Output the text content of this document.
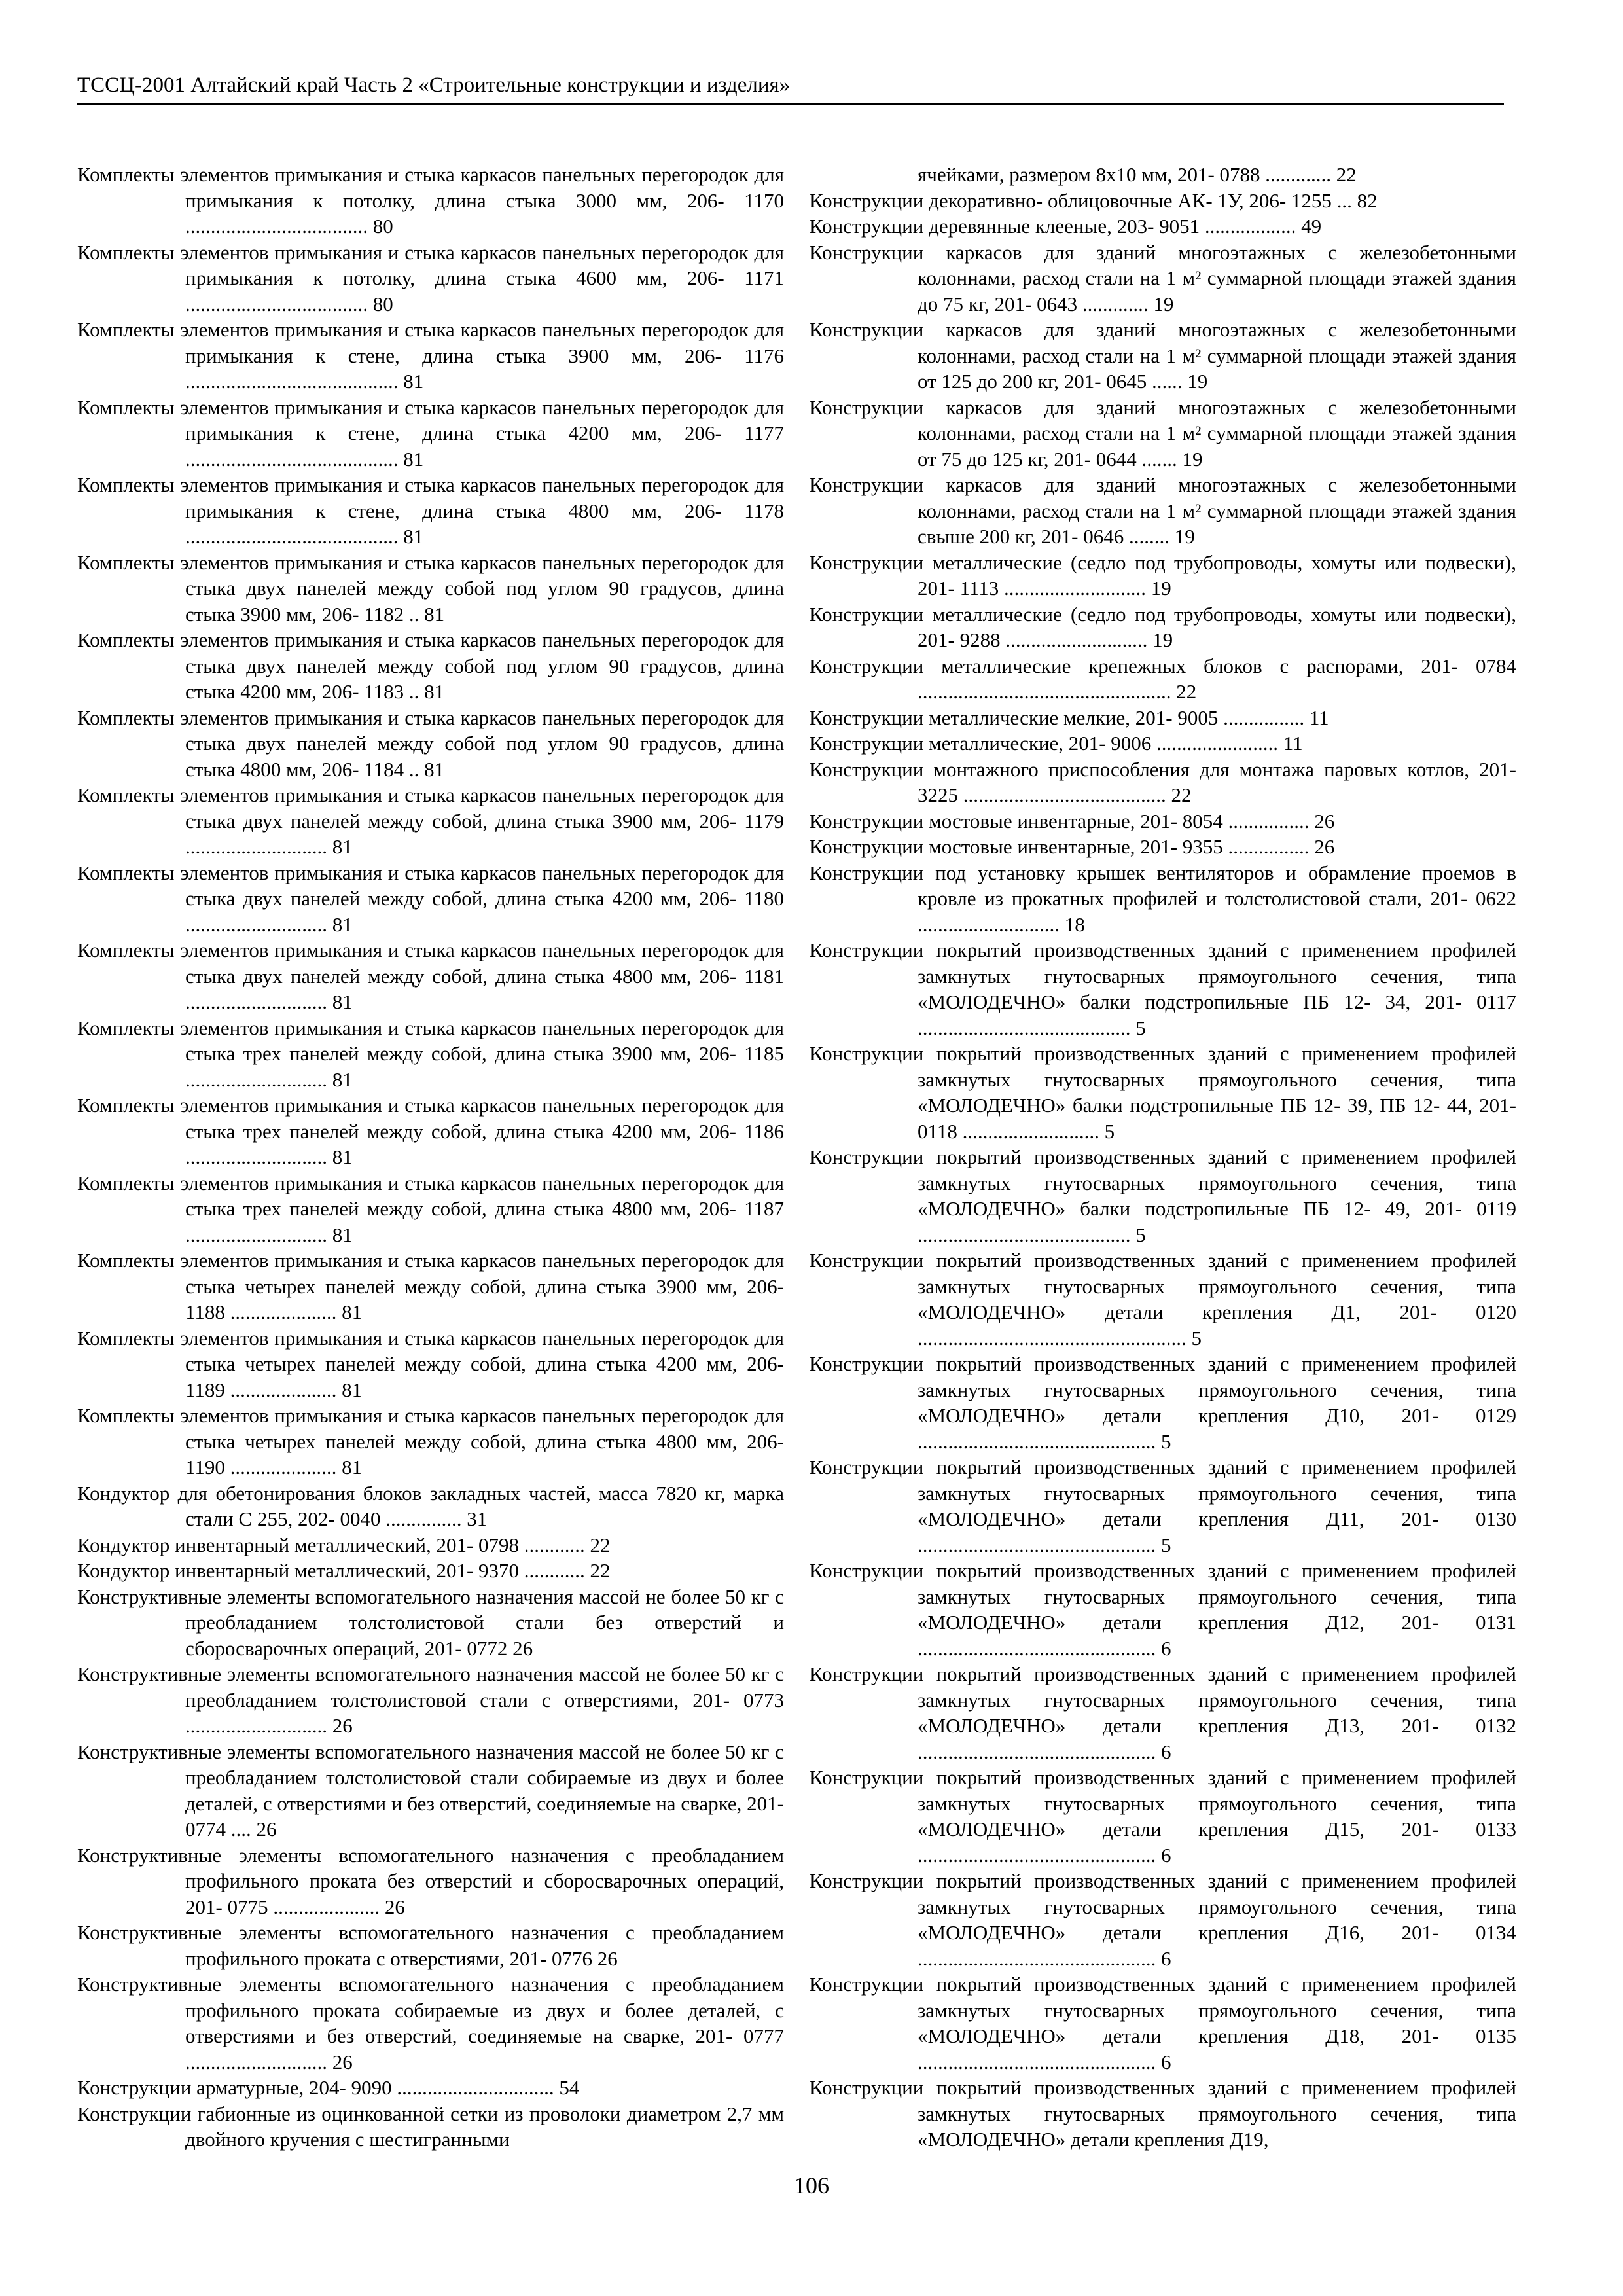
ТССЦ-2001 Алтайский край Часть 2 «Строительные конструкции и изделия»

Комплекты элементов примыкания и стыка каркасов панельных перегородок для примыкания к потолку, длина стыка 3000 мм, 206- 1170 .................................... 80

Комплекты элементов примыкания и стыка каркасов панельных перегородок для примыкания к потолку, длина стыка 4600 мм, 206- 1171 .................................... 80

Комплекты элементов примыкания и стыка каркасов панельных перегородок для примыкания к стене, длина стыка 3900 мм, 206- 1176 .......................................... 81

Комплекты элементов примыкания и стыка каркасов панельных перегородок для примыкания к стене, длина стыка 4200 мм, 206- 1177 .......................................... 81

Комплекты элементов примыкания и стыка каркасов панельных перегородок для примыкания к стене, длина стыка 4800 мм, 206- 1178 .......................................... 81

Комплекты элементов примыкания и стыка каркасов панельных перегородок для стыка двух панелей между собой под углом 90 градусов, длина стыка 3900 мм, 206- 1182 .. 81

Комплекты элементов примыкания и стыка каркасов панельных перегородок для стыка двух панелей между собой под углом 90 градусов, длина стыка 4200 мм, 206- 1183 .. 81

Комплекты элементов примыкания и стыка каркасов панельных перегородок для стыка двух панелей между собой под углом 90 градусов, длина стыка 4800 мм, 206- 1184 .. 81

Комплекты элементов примыкания и стыка каркасов панельных перегородок для стыка двух панелей между собой, длина стыка 3900 мм, 206- 1179 ............................ 81

Комплекты элементов примыкания и стыка каркасов панельных перегородок для стыка двух панелей между собой, длина стыка 4200 мм, 206- 1180 ............................ 81

Комплекты элементов примыкания и стыка каркасов панельных перегородок для стыка двух панелей между собой, длина стыка 4800 мм, 206- 1181 ............................ 81

Комплекты элементов примыкания и стыка каркасов панельных перегородок для стыка трех панелей между собой, длина стыка 3900 мм, 206- 1185 ............................ 81

Комплекты элементов примыкания и стыка каркасов панельных перегородок для стыка трех панелей между собой, длина стыка 4200 мм, 206- 1186 ............................ 81

Комплекты элементов примыкания и стыка каркасов панельных перегородок для стыка трех панелей между собой, длина стыка 4800 мм, 206- 1187 ............................ 81

Комплекты элементов примыкания и стыка каркасов панельных перегородок для стыка четырех панелей между собой, длина стыка 3900 мм, 206- 1188 ..................... 81

Комплекты элементов примыкания и стыка каркасов панельных перегородок для стыка четырех панелей между собой, длина стыка 4200 мм, 206- 1189 ..................... 81

Комплекты элементов примыкания и стыка каркасов панельных перегородок для стыка четырех панелей между собой, длина стыка 4800 мм, 206- 1190 ..................... 81

Кондуктор для обетонирования блоков закладных частей, масса 7820 кг, марка стали С 255, 202- 0040 ............... 31

Кондуктор инвентарный металлический, 201- 0798 ............ 22

Кондуктор инвентарный металлический, 201- 9370 ............ 22

Конструктивные элементы вспомогательного назначения массой не более 50 кг с преобладанием толстолистовой стали без отверстий и сборосварочных операций, 201- 0772 26

Конструктивные элементы вспомогательного назначения массой не более 50 кг с преобладанием толстолистовой стали с отверстиями, 201- 0773 ............................ 26

Конструктивные элементы вспомогательного назначения массой не более 50 кг с преобладанием толстолистовой стали собираемые из двух и более деталей, с отверстиями и без отверстий, соединяемые на сварке, 201- 0774 .... 26

Конструктивные элементы вспомогательного назначения с преобладанием профильного проката без отверстий и сборосварочных операций, 201- 0775 ..................... 26

Конструктивные элементы вспомогательного назначения с преобладанием профильного проката с отверстиями, 201- 0776 26

Конструктивные элементы вспомогательного назначения с преобладанием профильного проката собираемые из двух и более деталей, с отверстиями и без отверстий, соединяемые на сварке, 201- 0777 ............................ 26

Конструкции арматурные, 204- 9090 ............................... 54

Конструкции габионные из оцинкованной сетки из проволоки диаметром 2,7 мм двойного кручения с шестигранными

ячейками, размером 8х10 мм, 201- 0788 ............. 22

Конструкции декоративно- облицовочные АК- 1У, 206- 1255 ... 82

Конструкции деревянные клееные, 203- 9051 .................. 49

Конструкции каркасов для зданий многоэтажных с железобетонными колоннами, расход стали на 1 м² суммарной площади этажей здания до 75 кг, 201- 0643 ............. 19

Конструкции каркасов для зданий многоэтажных с железобетонными колоннами, расход стали на 1 м² суммарной площади этажей здания от 125 до 200 кг, 201- 0645 ...... 19

Конструкции каркасов для зданий многоэтажных с железобетонными колоннами, расход стали на 1 м² суммарной площади этажей здания от 75 до 125 кг, 201- 0644 ....... 19

Конструкции каркасов для зданий многоэтажных с железобетонными колоннами, расход стали на 1 м² суммарной площади этажей здания свыше 200 кг, 201- 0646 ........ 19

Конструкции металлические (седло под трубопроводы, хомуты или подвески), 201- 1113 ............................ 19

Конструкции металлические (седло под трубопроводы, хомуты или подвески), 201- 9288 ............................ 19

Конструкции металлические крепежных блоков с распорами, 201- 0784 .................................................. 22

Конструкции металлические мелкие, 201- 9005 ................ 11

Конструкции металлические, 201- 9006 ........................ 11

Конструкции монтажного приспособления для монтажа паровых котлов, 201- 3225 ........................................ 22

Конструкции мостовые инвентарные, 201- 8054 ................ 26

Конструкции мостовые инвентарные, 201- 9355 ................ 26

Конструкции под установку крышек вентиляторов и обрамление проемов в кровле из прокатных профилей и толстолистовой стали, 201- 0622 ............................ 18

Конструкции покрытий производственных зданий с применением профилей замкнутых гнутосварных прямоугольного сечения, типа «МОЛОДЕЧНО» балки подстропильные ПБ 12- 34, 201- 0117 .......................................... 5

Конструкции покрытий производственных зданий с применением профилей замкнутых гнутосварных прямоугольного сечения, типа «МОЛОДЕЧНО» балки подстропильные ПБ 12- 39, ПБ 12- 44, 201- 0118 ........................... 5

Конструкции покрытий производственных зданий с применением профилей замкнутых гнутосварных прямоугольного сечения, типа «МОЛОДЕЧНО» балки подстропильные ПБ 12- 49, 201- 0119 .......................................... 5

Конструкции покрытий производственных зданий с применением профилей замкнутых гнутосварных прямоугольного сечения, типа «МОЛОДЕЧНО» детали крепления Д1, 201- 0120 ..................................................... 5

Конструкции покрытий производственных зданий с применением профилей замкнутых гнутосварных прямоугольного сечения, типа «МОЛОДЕЧНО» детали крепления Д10, 201- 0129 ............................................... 5

Конструкции покрытий производственных зданий с применением профилей замкнутых гнутосварных прямоугольного сечения, типа «МОЛОДЕЧНО» детали крепления Д11, 201- 0130 ............................................... 5

Конструкции покрытий производственных зданий с применением профилей замкнутых гнутосварных прямоугольного сечения, типа «МОЛОДЕЧНО» детали крепления Д12, 201- 0131 ............................................... 6

Конструкции покрытий производственных зданий с применением профилей замкнутых гнутосварных прямоугольного сечения, типа «МОЛОДЕЧНО» детали крепления Д13, 201- 0132 ............................................... 6

Конструкции покрытий производственных зданий с применением профилей замкнутых гнутосварных прямоугольного сечения, типа «МОЛОДЕЧНО» детали крепления Д15, 201- 0133 ............................................... 6

Конструкции покрытий производственных зданий с применением профилей замкнутых гнутосварных прямоугольного сечения, типа «МОЛОДЕЧНО» детали крепления Д16, 201- 0134 ............................................... 6

Конструкции покрытий производственных зданий с применением профилей замкнутых гнутосварных прямоугольного сечения, типа «МОЛОДЕЧНО» детали крепления Д18, 201- 0135 ............................................... 6

Конструкции покрытий производственных зданий с применением профилей замкнутых гнутосварных прямоугольного сечения, типа «МОЛОДЕЧНО» детали крепления Д19,

106
